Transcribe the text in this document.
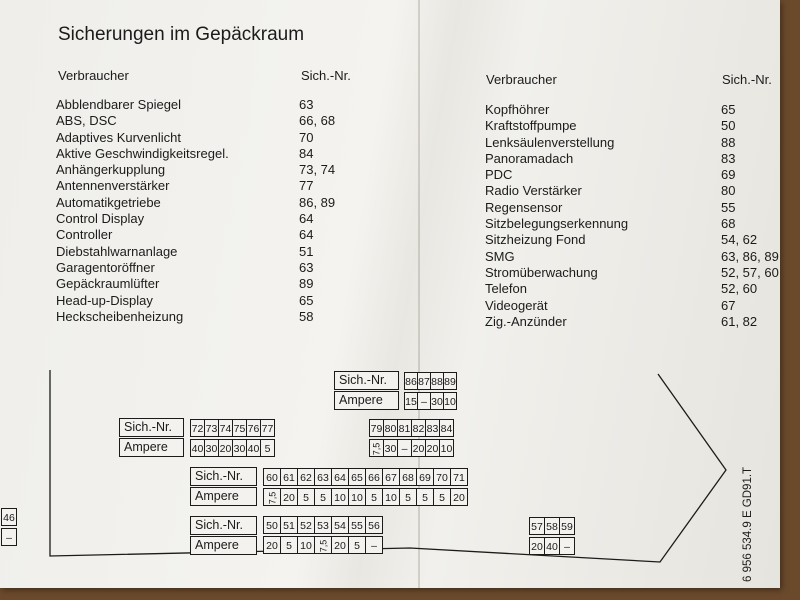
Sicherungen im Gepäckraum
Verbraucher	Sich.-Nr.	Verbraucher	Sich.-Nr.
Abblendbarer Spiegel	63
ABS, DSC	66, 68
Adaptives Kurvenlicht	70
Aktive Geschwindigkeitsregel.	84
Anhängerkupplung	73, 74
Antennenverstärker	77
Automatikgetriebe	86, 89
Control Display	64
Controller	64
Diebstahlwarnanlage	51
Garagentoröffner	63
Gepäckraumlüfter	89
Head-up-Display	65
Heckscheibenheizung	58
Kopfhöhrer	65
Kraftstoffpumpe	50
Lenksäulenverstellung	88
Panoramadach	83
PDC	69
Radio Verstärker	80
Regensensor	55
Sitzbelegungserkennung	68
Sitzheizung Fond	54, 62
SMG	63, 86, 89
Stromüberwachung	52, 57, 60
Telefon	52, 60
Videogerät	67
Zig.-Anzünder	61, 82
Sich.-Nr.
Ampere
86 87 88 89
15 – 30 10
Sich.-Nr.
Ampere
72 73 74 75 76 77
40 30 20 30 40 5
79 80 81 82 83 84
7,5 30 – 20 20 10
Sich.-Nr.
Ampere
60 61 62 63 64 65 66 67 68 69 70 71
7,5 20 5	5 10 10 5 10 5	5	5 20
Sich.-Nr.
Ampere
50 51 52 53 54 55 56
20 5 10 7,5 20 5	–
57 58 59
20 40 –
46
–	6 956 534.9 E GD91.T
